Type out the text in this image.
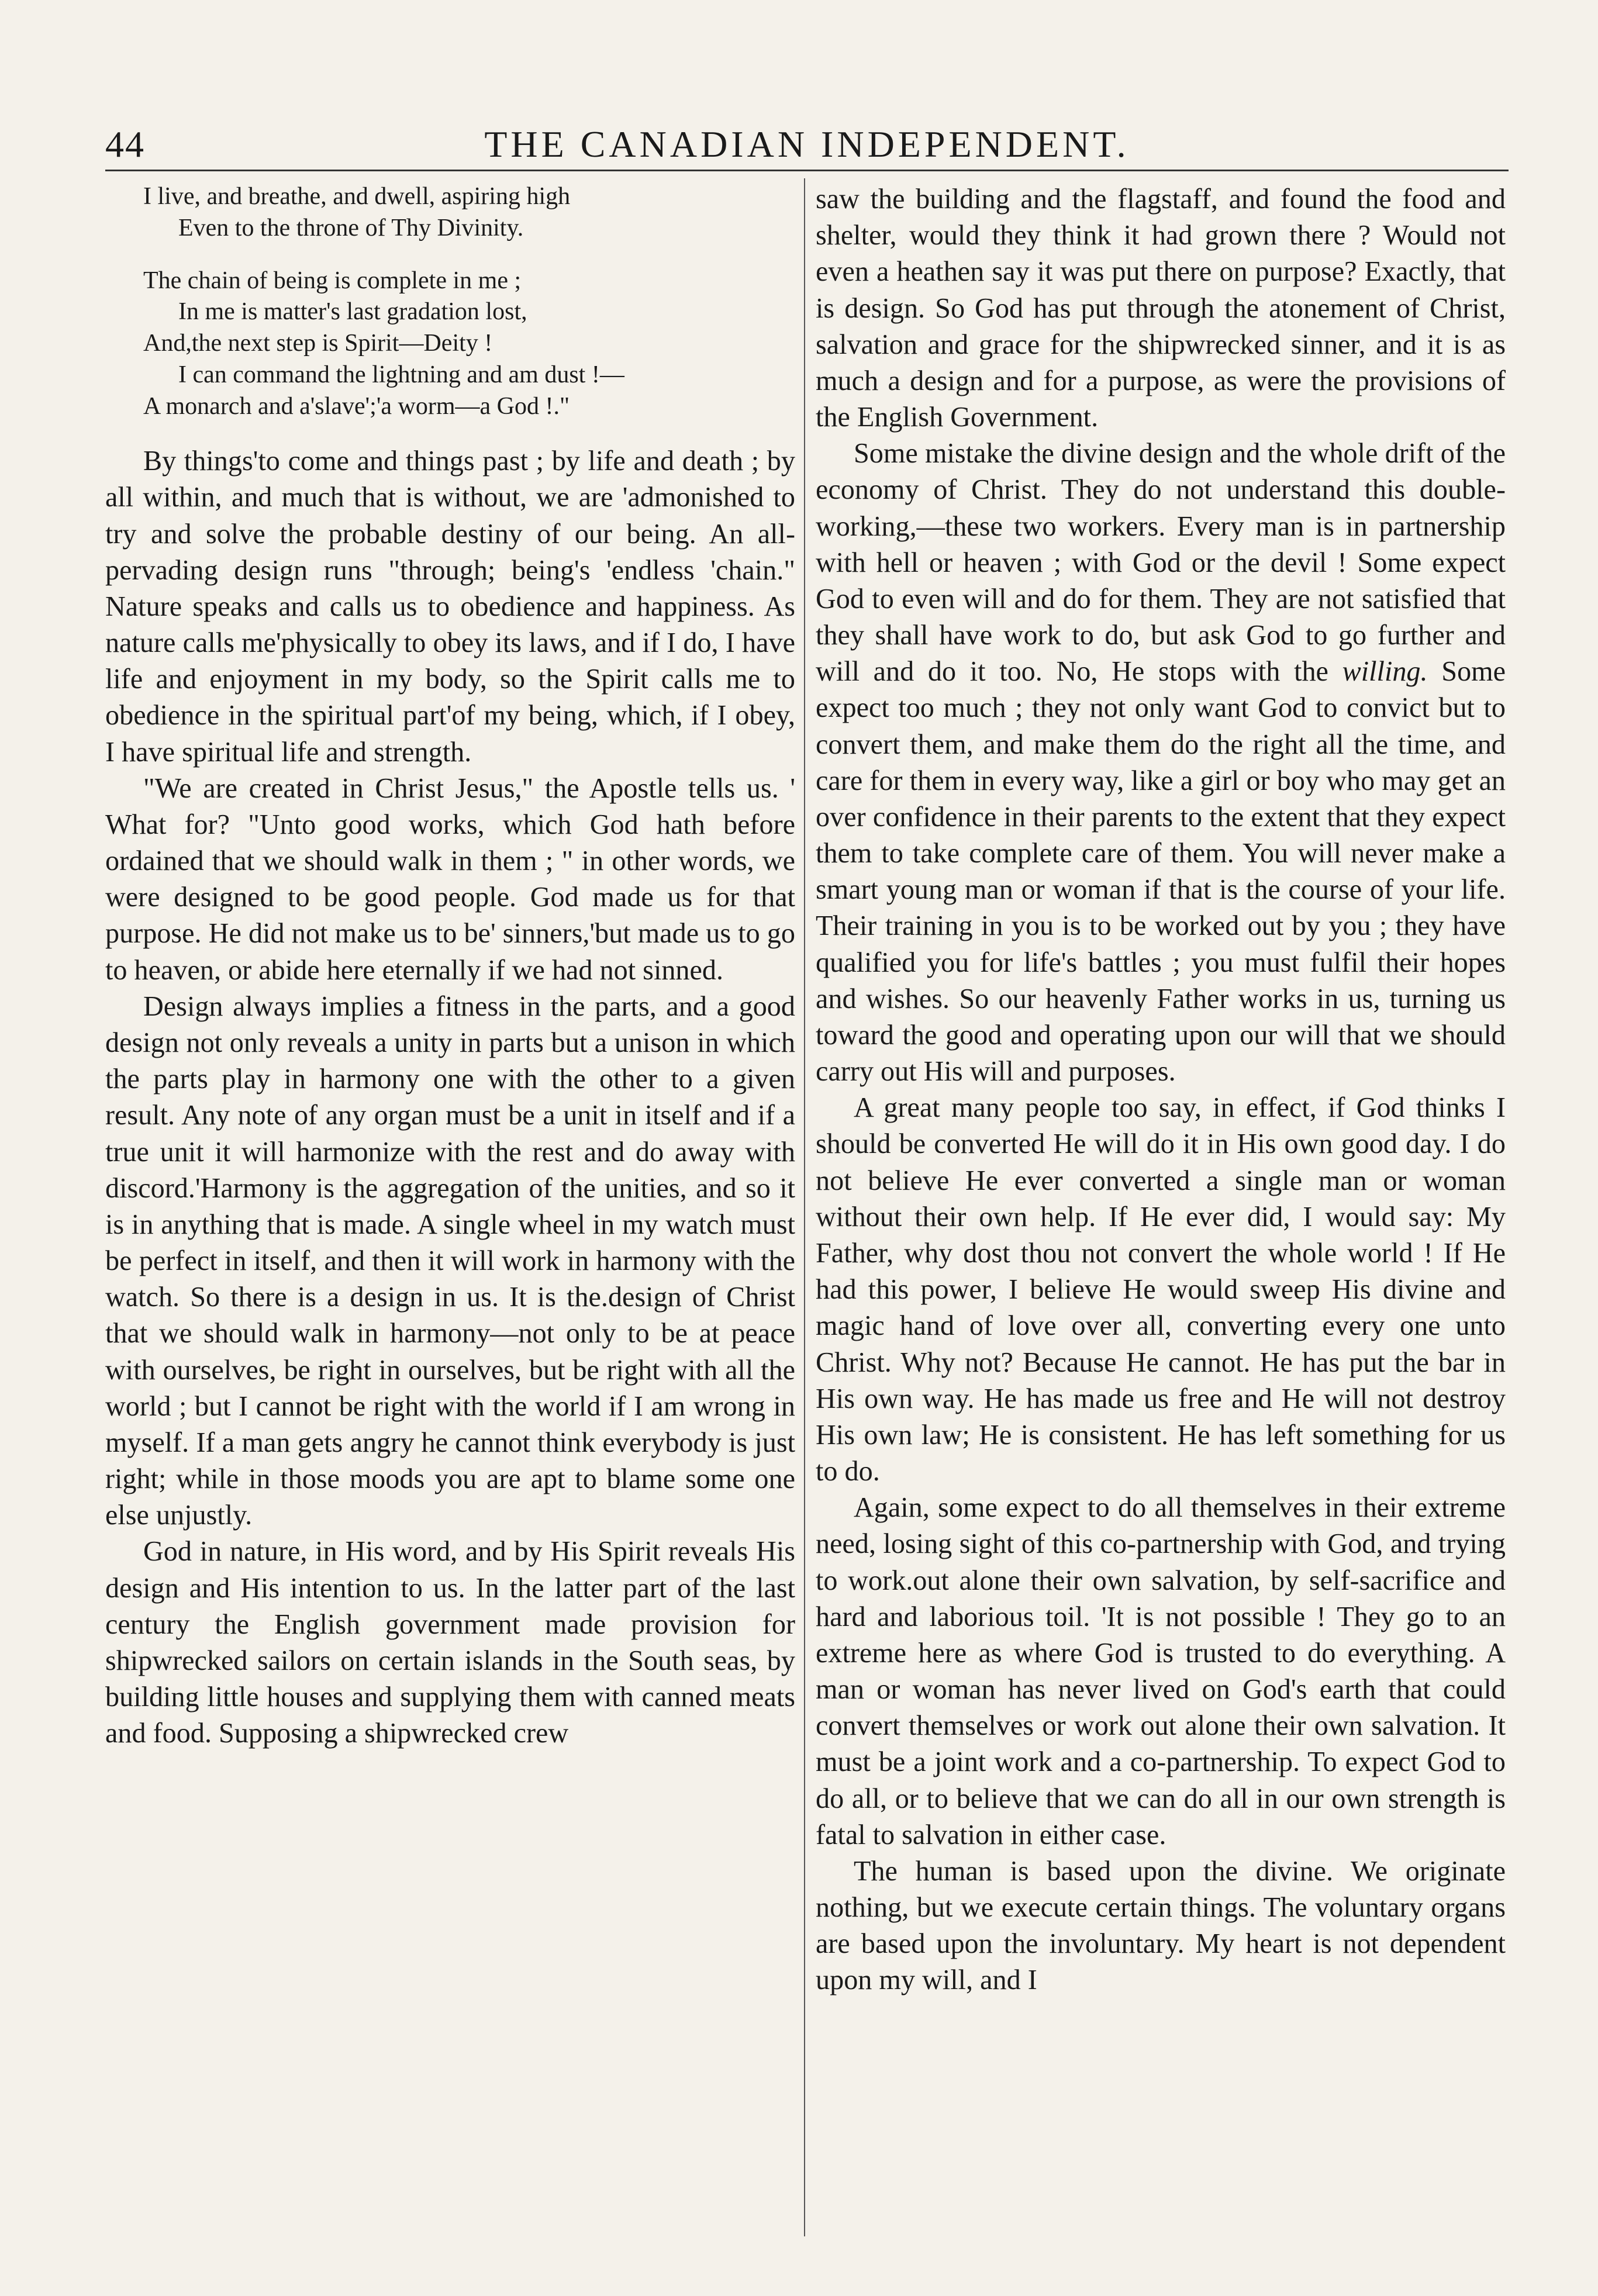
44	THE CANADIAN INDEPENDENT.
I live, and breathe, and dwell, aspiring high
Even to the throne of Thy Divinity.
The chain of being is complete in me ;
In me is matter's last gradation lost,
And,the next step is Spirit—Deity !
I can command the lightning and am dust !—
A monarch and a'slave';'a worm—a God !."

By things'to come and things past ; by life and death ; by all within, and much that is without, we are 'admonished to try and solve the probable destiny of our being. An all-pervading design runs "through; being's 'endless 'chain." Nature speaks and calls us to obedience and happiness. As nature calls me'physically to obey its laws, and if I do, I have life and enjoyment in my body, so the Spirit calls me to obedience in the spiritual part'of my being, which, if I obey, I have spiritual life and strength.

"We are created in Christ Jesus," the Apostle tells us. ' What for? "Unto good works, which God hath before ordained that we should walk in them ; " in other words, we were designed to be good people. God made us for that purpose. He did not make us to be' sinners,'but made us to go to heaven, or abide here eternally if we had not sinned.

Design always implies a fitness in the parts, and a good design not only reveals a unity in parts but a unison in which the parts play in harmony one with the other to a given result. Any note of any organ must be a unit in itself and if a true unit it will harmonize with the rest and do away with discord.'Harmony is the aggregation of the unities, and so it is in anything that is made. A single wheel in my watch must be perfect in itself, and then it will work in harmony with the watch. So there is a design in us. It is the.design of Christ that we should walk in harmony—not only to be at peace with ourselves, be right in ourselves, but be right with all the world ; but I cannot be right with the world if I am wrong in myself. If a man gets angry he cannot think everybody is just right; while in those moods you are apt to blame some one else unjustly.

God in nature, in His word, and by His Spirit reveals His design and His intention to us. In the latter part of the last century the English government made provision for shipwrecked sailors on certain islands in the South seas, by building little houses and supplying them with canned meats and food. Supposing a shipwrecked crew

saw the building and the flagstaff, and found the food and shelter, would they think it had grown there ? Would not even a heathen say it was put there on purpose? Exactly, that is design. So God has put through the atonement of Christ, salvation and grace for the shipwrecked sinner, and it is as much a design and for a purpose, as were the provisions of the English Government.

Some mistake the divine design and the whole drift of the economy of Christ. They do not understand this double-working,—these two workers. Every man is in partnership with hell or heaven ; with God or the devil ! Some expect God to even will and do for them. They are not satisfied that they shall have work to do, but ask God to go further and will and do it too. No, He stops with the willing. Some expect too much ; they not only want God to convict but to convert them, and make them do the right all the time, and care for them in every way, like a girl or boy who may get an over confidence in their parents to the extent that they expect them to take complete care of them. You will never make a smart young man or woman if that is the course of your life. Their training in you is to be worked out by you ; they have qualified you for life's battles ; you must fulfil their hopes and wishes. So our heavenly Father works in us, turning us toward the good and operating upon our will that we should carry out His will and purposes.

A great many people too say, in effect, if God thinks I should be converted He will do it in His own good day. I do not believe He ever converted a single man or woman without their own help. If He ever did, I would say: My Father, why dost thou not convert the whole world ! If He had this power, I believe He would sweep His divine and magic hand of love over all, converting every one unto Christ. Why not? Because He cannot. He has put the bar in His own way. He has made us free and He will not destroy His own law; He is consistent. He has left something for us to do.

Again, some expect to do all themselves in their extreme need, losing sight of this co-partnership with God, and trying to work.out alone their own salvation, by self-sacrifice and hard and laborious toil. 'It is not possible ! They go to an extreme here as where God is trusted to do everything. A man or woman has never lived on God's earth that could convert themselves or work out alone their own salvation. It must be a joint work and a co-partnership. To expect God to do all, or to believe that we can do all in our own strength is fatal to salvation in either case.

The human is based upon the divine. We originate nothing, but we execute certain things. The voluntary organs are based upon the involuntary. My heart is not dependent upon my will, and I
